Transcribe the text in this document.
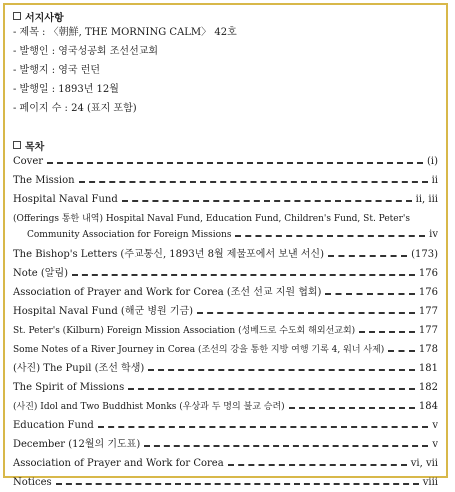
서지사항
- 제목 : 〈朝鮮, THE MORNING CALM〉 42호
- 발행인 : 영국성공회 조선선교회
- 발행지 : 영국 런던
- 발행일 : 1893년 12월
- 페이지 수 : 24 (표지 포함)
목차
Cover	(i)
The Mission	ii
Hospital Naval Fund	ii, iii
(Offerings 통한 내역) Hospital Naval Fund, Education Fund, Children's Fund, St. Peter's
Community Association for Foreign Missions	iv
The Bishop's Letters (주교통신, 1893년 8월 제물포에서 보낸 서신)	(173)
Note (알림)	176
Association of Prayer and Work for Corea (조선 선교 지원 협회)	176
Hospital Naval Fund (해군 병원 기금)	177
St. Peter's (Kilburn) Foreign Mission Association (성베드로 수도회 해외선교회)	177
Some Notes of a River Journey in Corea (조선의 강을 통한 지방 여행 기록 4, 워너 사제)	178
(사진) The Pupil (조선 학생)	181
The Spirit of Missions	182
(사진) Idol and Two Buddhist Monks (우상과 두 명의 불교 승려)	184
Education Fund	v
December (12월의 기도표)	v
Association of Prayer and Work for Corea	vi, vii
Notices	viii
